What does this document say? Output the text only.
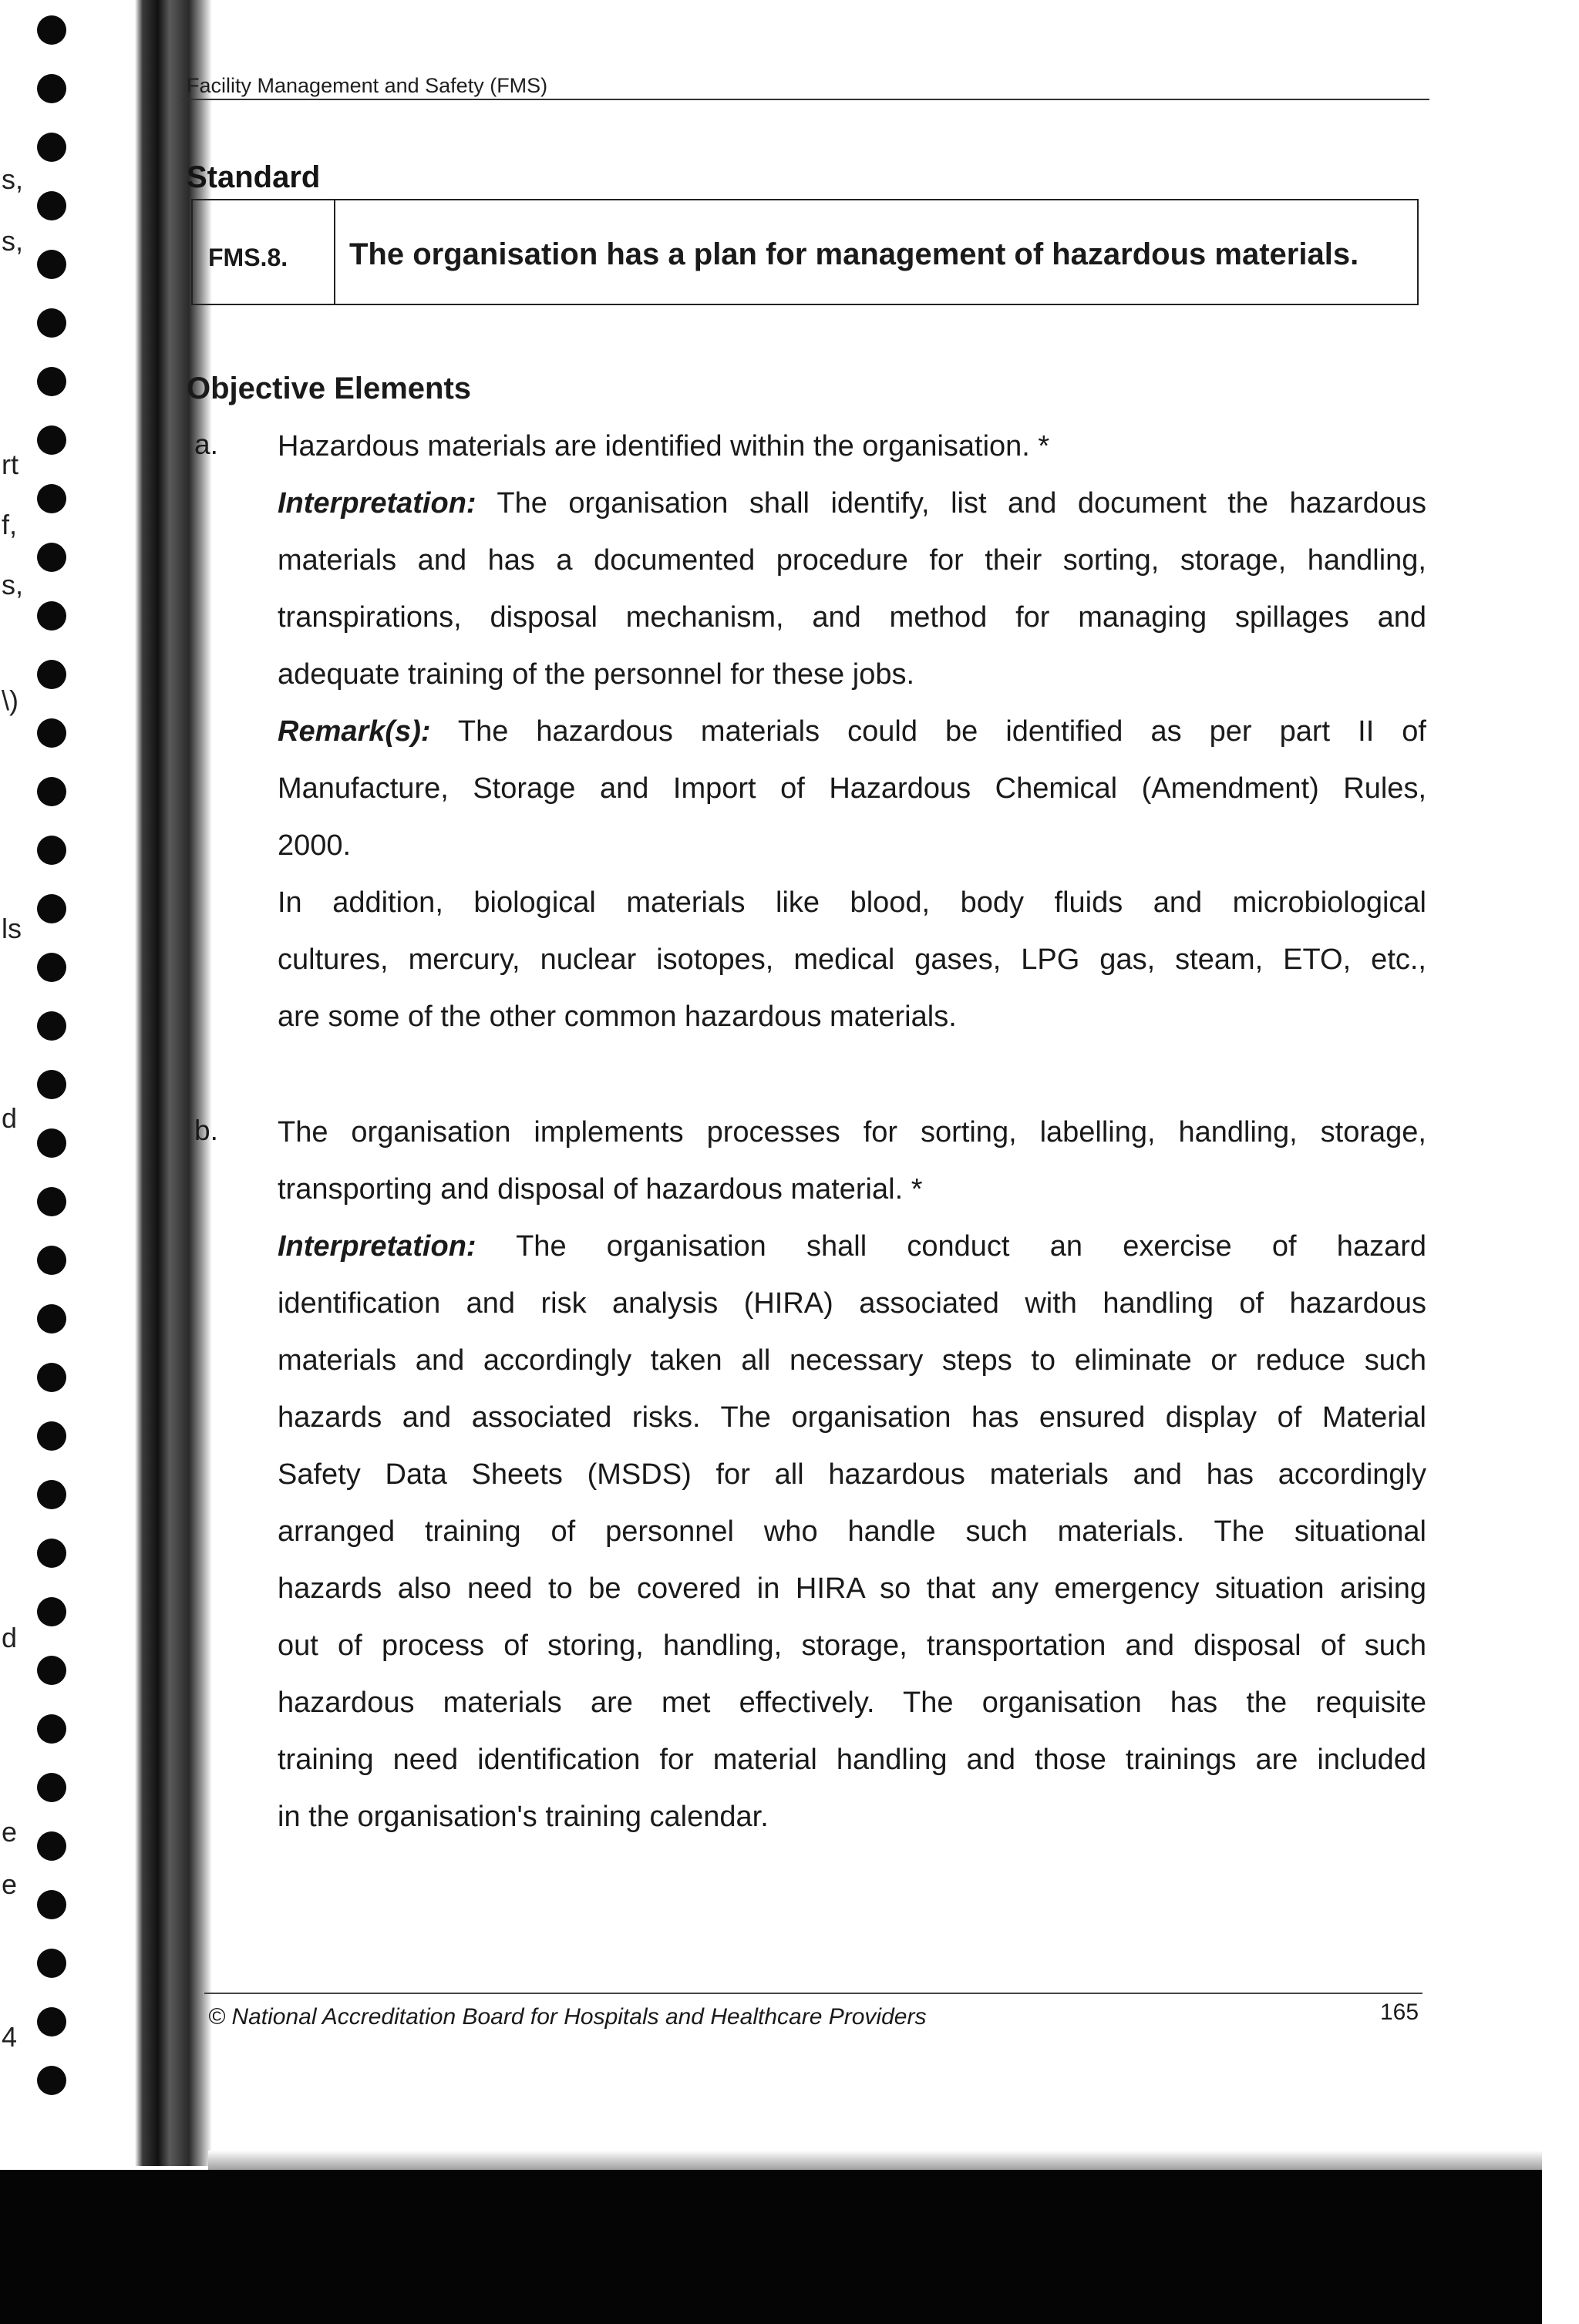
s,
s,
rt
f,
s,
\)
ls
d
d
e
e
4
Facility Management and Safety (FMS)
Standard
FMS.8.	The organisation has a plan for management of hazardous materials.
Objective Elements
a. Hazardous materials are identified within the organisation. *
Interpretation: The organisation shall identify, list and document the hazardous
materials and has a documented procedure for their sorting, storage, handling,
transpirations, disposal mechanism, and method for managing spillages and
adequate training of the personnel for these jobs.
Remark(s): The hazardous materials could be identified as per part II of
Manufacture, Storage and Import of Hazardous Chemical (Amendment) Rules,
2000.
In addition, biological materials like blood, body fluids and microbiological
cultures, mercury, nuclear isotopes, medical gases, LPG gas, steam, ETO, etc.,
are some of the other common hazardous materials.
b. The organisation implements processes for sorting, labelling, handling, storage,
transporting and disposal of hazardous material. *
Interpretation: The organisation shall conduct an exercise of hazard
identification and risk analysis (HIRA) associated with handling of hazardous
materials and accordingly taken all necessary steps to eliminate or reduce such
hazards and associated risks. The organisation has ensured display of Material
Safety Data Sheets (MSDS) for all hazardous materials and has accordingly
arranged training of personnel who handle such materials. The situational
hazards also need to be covered in HIRA so that any emergency situation arising
out of process of storing, handling, storage, transportation and disposal of such
hazardous materials are met effectively. The organisation has the requisite
training need identification for material handling and those trainings are included
in the organisation's training calendar.
© National Accreditation Board for Hospitals and Healthcare Providers	165
